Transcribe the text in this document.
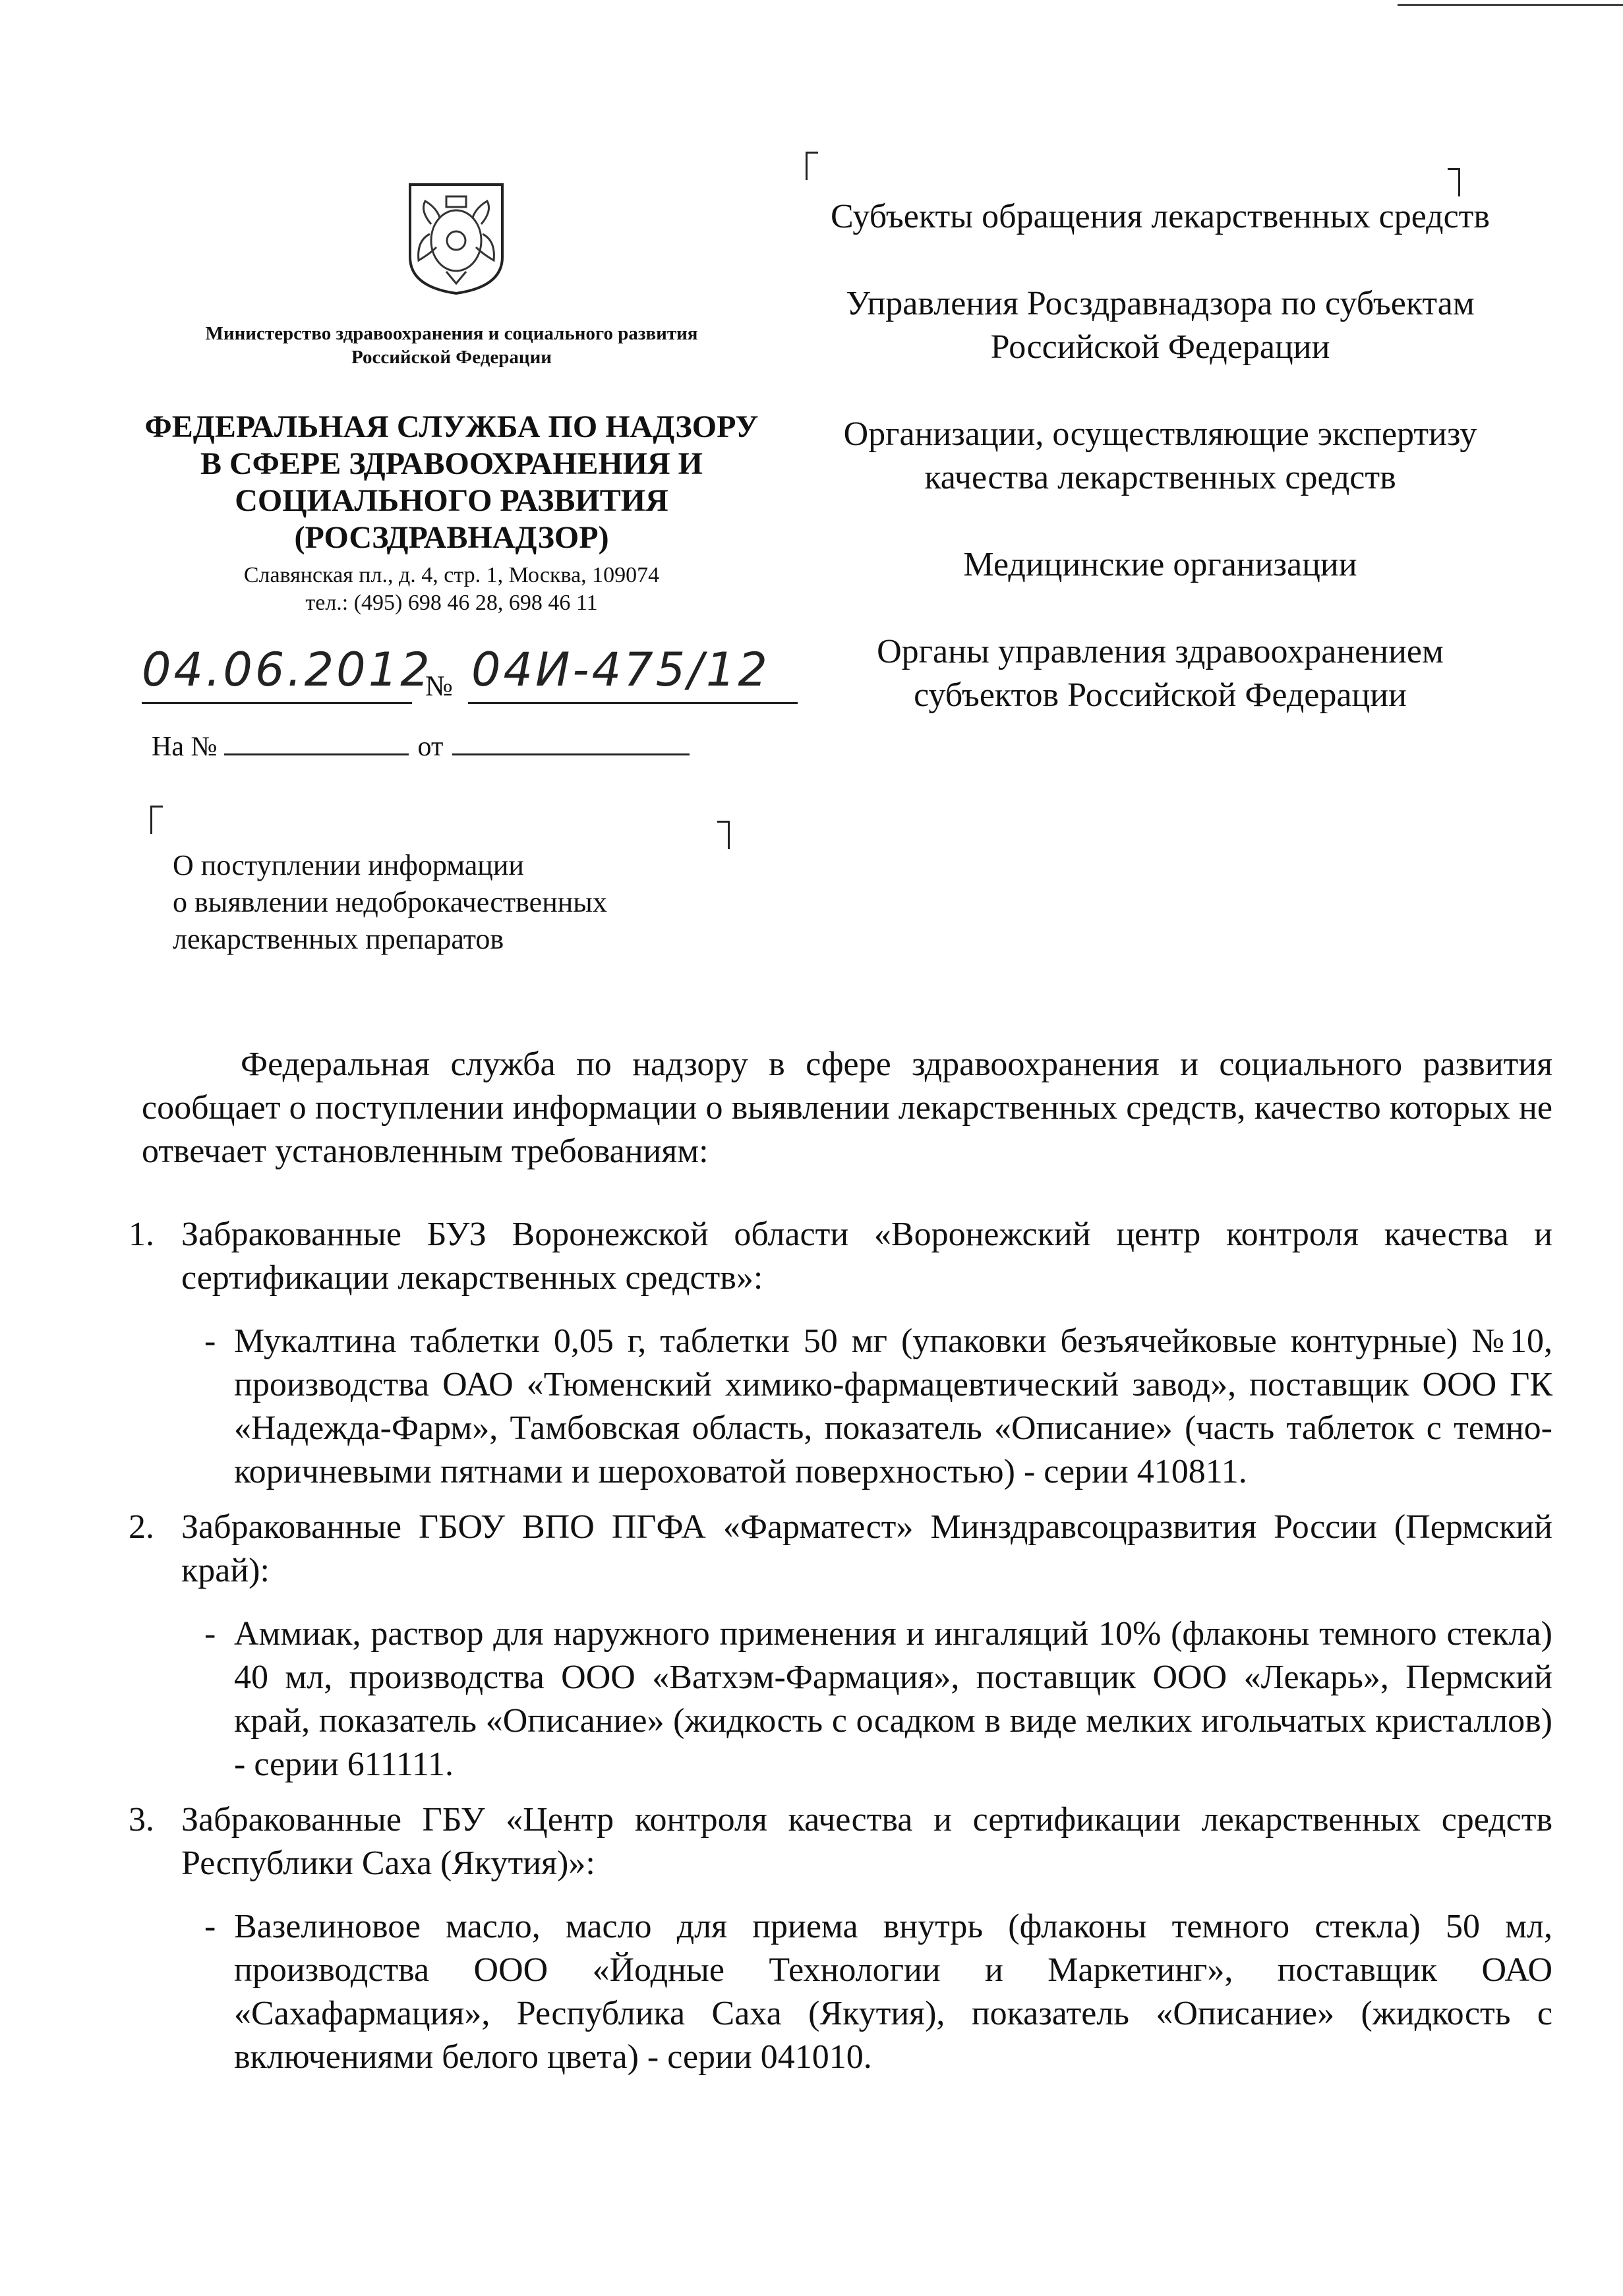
Министерство здравоохранения и социального развития Российской Федерации
ФЕДЕРАЛЬНАЯ СЛУЖБА ПО НАДЗОРУ В СФЕРЕ ЗДРАВООХРАНЕНИЯ И СОЦИАЛЬНОГО РАЗВИТИЯ (РОСЗДРАВНАДЗОР)
Славянская пл., д. 4, стр. 1, Москва, 109074
тел.: (495) 698 46 28, 698 46 11
04.06.2012
№ 04И-475/12
На №	от
О поступлении информации
о выявлении недоброкачественных
лекарственных препаратов
Субъекты обращения лекарственных средств
Управления Росздравнадзора по субъектам Российской Федерации
Организации, осуществляющие экспертизу качества лекарственных средств
Медицинские организации
Органы управления здравоохранением субъектов Российской Федерации

Федеральная служба по надзору в сфере здравоохранения и социального развития сообщает о поступлении информации о выявлении лекарственных средств, качество которых не отвечает установленным требованиям:

1. Забракованные БУЗ Воронежской области «Воронежский центр контроля качества и сертификации лекарственных средств»:
- Мукалтина таблетки 0,05 г, таблетки 50 мг (упаковки безъячейковые контурные) №10, производства ОАО «Тюменский химико-фармацевтический завод», поставщик ООО ГК «Надежда-Фарм», Тамбовская область, показатель «Описание» (часть таблеток с темно-коричневыми пятнами и шероховатой поверхностью) - серии 410811.
2. Забракованные ГБОУ ВПО ПГФА «Фарматест» Минздравсоцразвития России (Пермский край):
- Аммиак, раствор для наружного применения и ингаляций 10% (флаконы темного стекла) 40 мл, производства ООО «Ватхэм-Фармация», поставщик ООО «Лекарь», Пермский край, показатель «Описание» (жидкость с осадком в виде мелких игольчатых кристаллов) - серии 611111.
3. Забракованные ГБУ «Центр контроля качества и сертификации лекарственных средств Республики Саха (Якутия)»:
- Вазелиновое масло, масло для приема внутрь (флаконы темного стекла) 50 мл, производства ООО «Йодные Технологии и Маркетинг», поставщик ОАО «Сахафармация», Республика Саха (Якутия), показатель «Описание» (жидкость с включениями белого цвета) - серии 041010.
